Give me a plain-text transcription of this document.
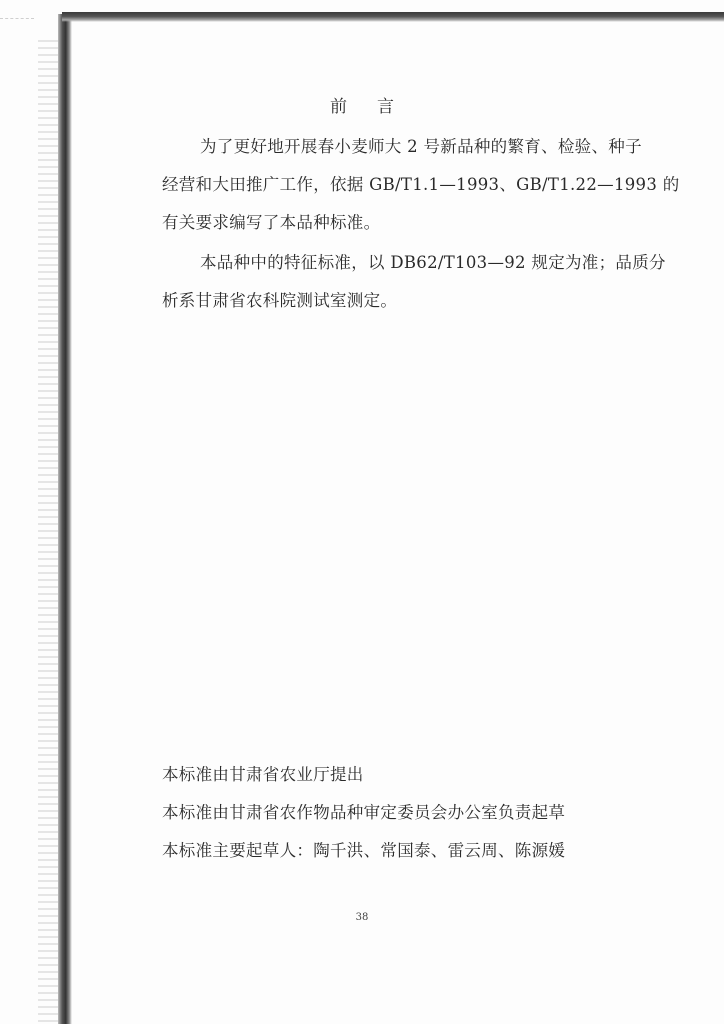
前 言
为了更好地开展春小麦师大 2 号新品种的繁育、检验、种子
经营和大田推广工作，依据 GB/T1.1—1993、GB/T1.22—1993 的
有关要求编写了本品种标准。
本品种中的特征标准，以 DB62/T103—92 规定为准；品质分
析系甘肃省农科院测试室测定。
本标准由甘肃省农业厅提出
本标准由甘肃省农作物品种审定委员会办公室负责起草
本标准主要起草人：陶千洪、常国泰、雷云周、陈源媛
38
